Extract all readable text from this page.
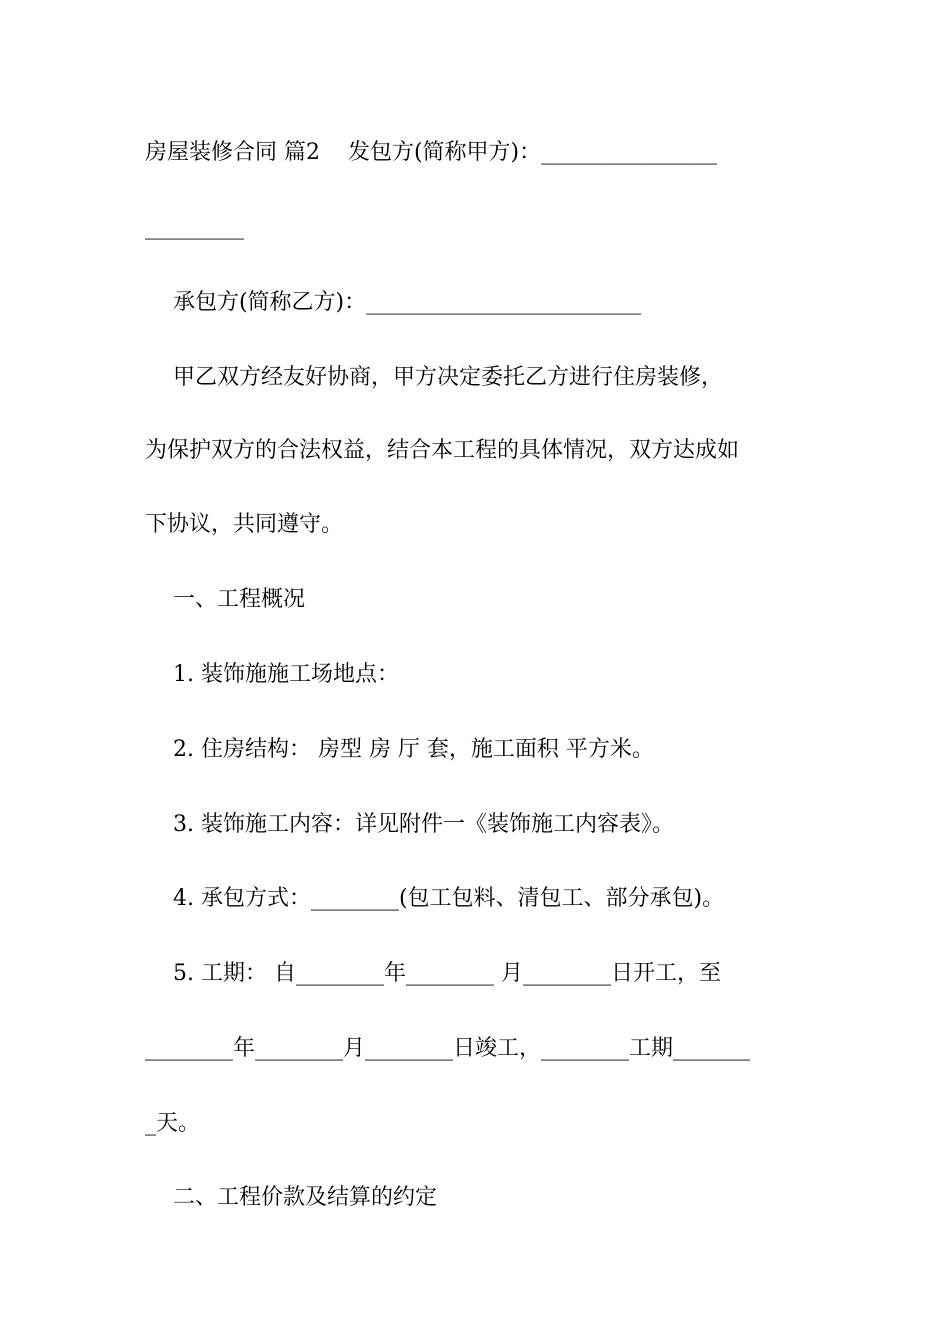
房屋装修合同 篇2    发包方(简称甲方)：________________
_________
承包方(简称乙方)：_________________________
甲乙双方经友好协商，甲方决定委托乙方进行住房装修，
为保护双方的合法权益，结合本工程的具体情况，双方达成如
下协议，共同遵守。
一、工程概况
1. 装饰施施工场地点：
2. 住房结构： 房型 房 厅 套，施工面积 平方米。
3. 装饰施工内容：详见附件一《装饰施工内容表》。
4. 承包方式：________(包工包料、清包工、部分承包)。
5. 工期： 自________年________ 月________日开工，至
________年________月________日竣工，________工期_______
_天。
二、工程价款及结算的约定
